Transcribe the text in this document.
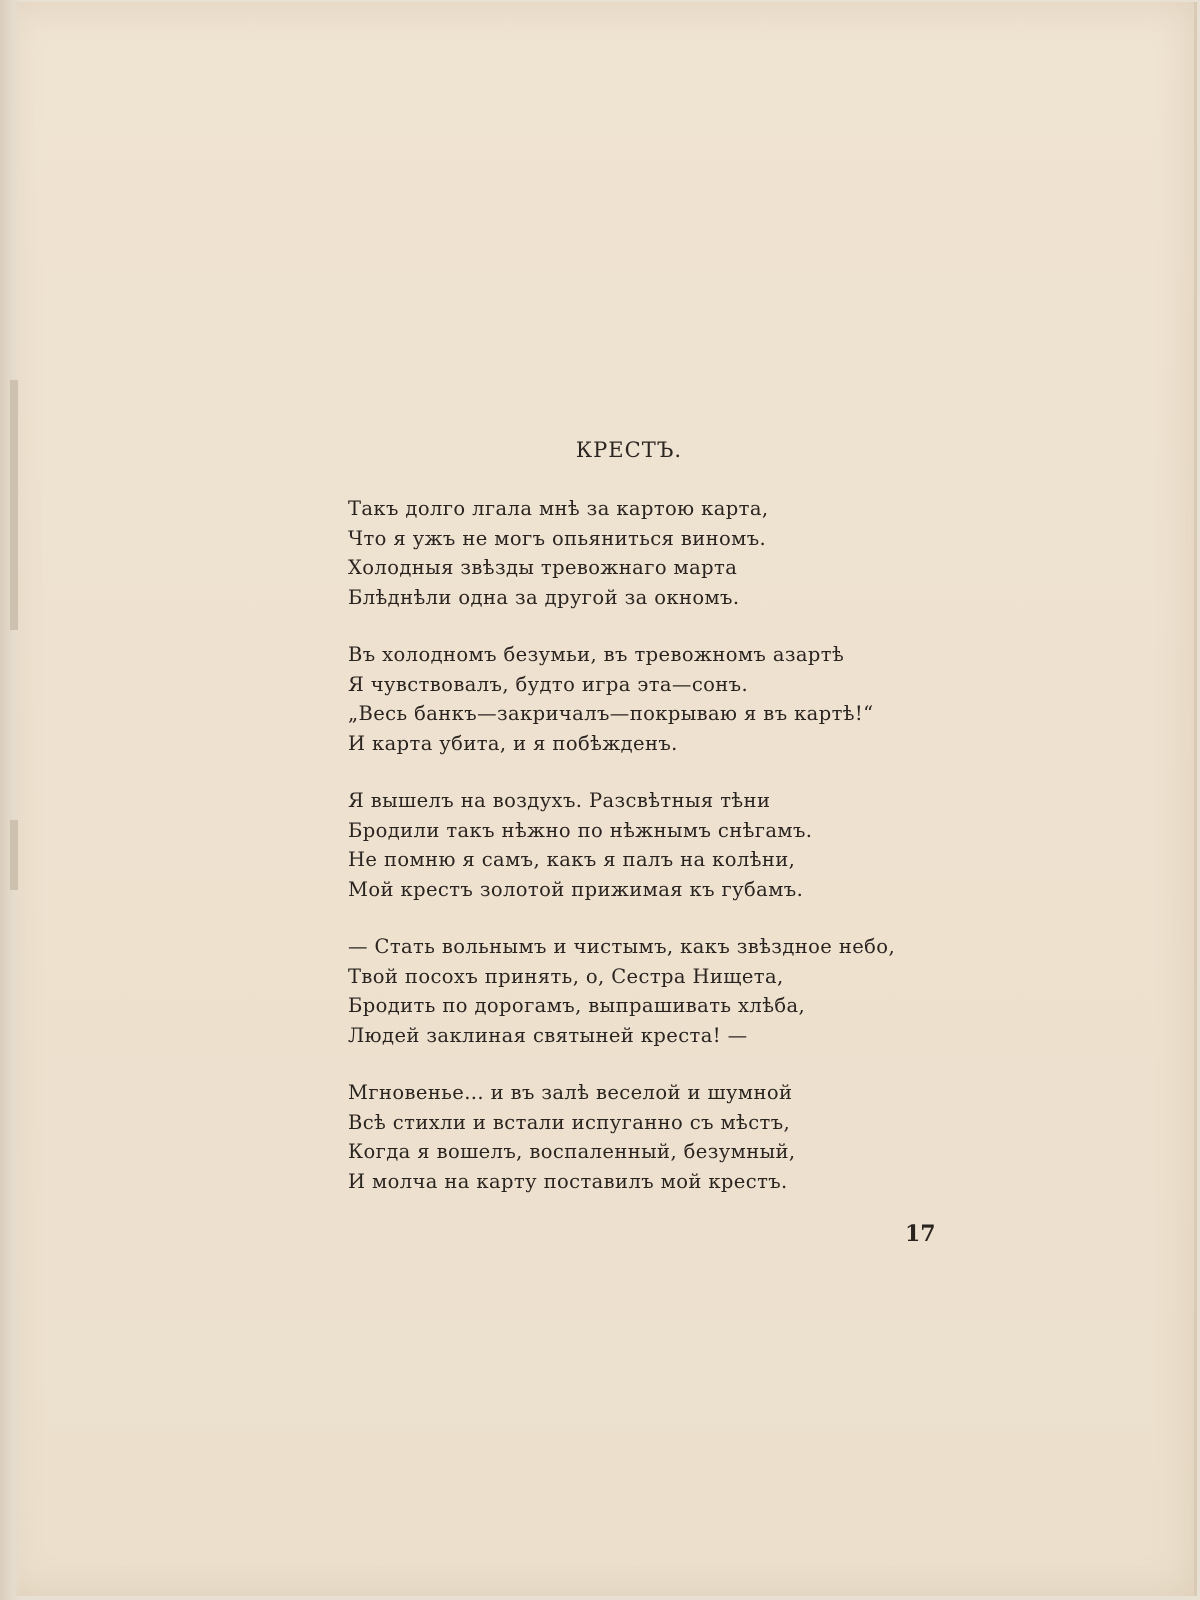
КРЕСТЪ.
Такъ долго лгала мнѣ за картою карта,
Что я ужъ не могъ опьяниться виномъ.
Холодныя звѣзды тревожнаго марта
Блѣднѣли одна за другой за окномъ.
Въ холодномъ безумьи, въ тревожномъ азартѣ
Я чувствовалъ, будто игра эта—сонъ.
„Весь банкъ—закричалъ—покрываю я въ картѣ!“
И карта убита, и я побѣжденъ.
Я вышелъ на воздухъ. Разсвѣтныя тѣни
Бродили такъ нѣжно по нѣжнымъ снѣгамъ.
Не помню я самъ, какъ я палъ на колѣни,
Мой крестъ золотой прижимая къ губамъ.
— Стать вольнымъ и чистымъ, какъ звѣздное небо,
Твой посохъ принять, о, Сестра Нищета,
Бродить по дорогамъ, выпрашивать хлѣба,
Людей заклиная святыней креста! —
Мгновенье... и въ залѣ веселой и шумной
Всѣ стихли и встали испуганно съ мѣстъ,
Когда я вошелъ, воспаленный, безумный,
И молча на карту поставилъ мой крестъ.
17
